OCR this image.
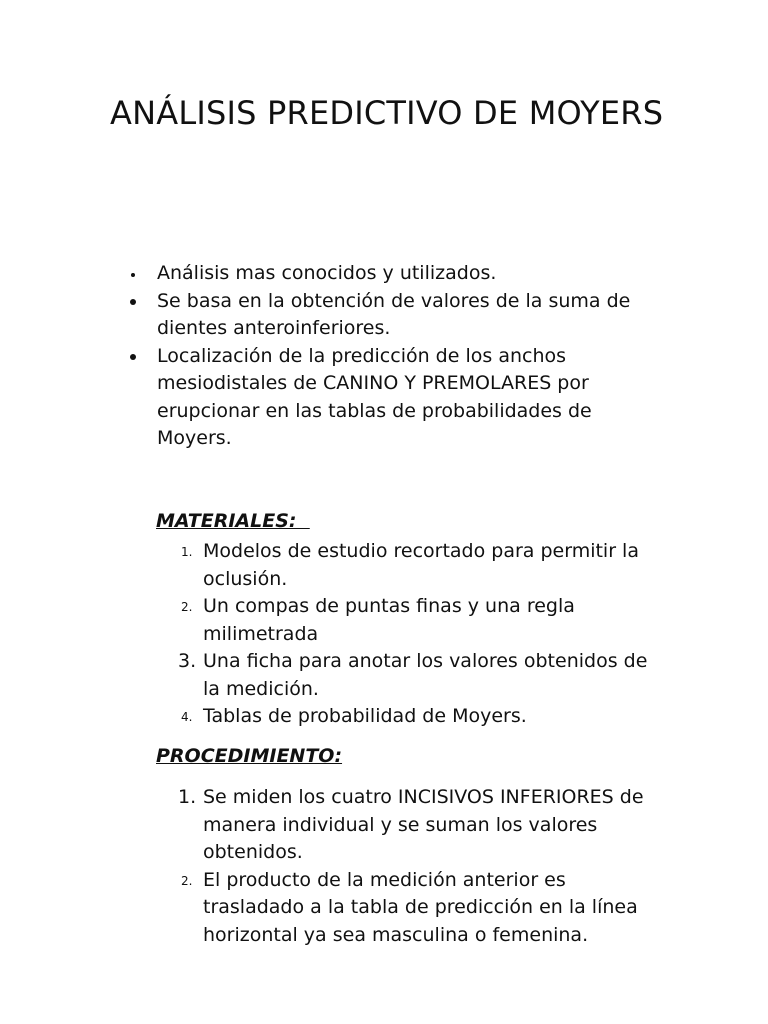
ANÁLISIS PREDICTIVO DE MOYERS
Análisis mas conocidos y utilizados.
Se basa en la obtención de valores de la suma de dientes anteroinferiores.
Localización de la predicción de los anchos mesiodistales de CANINO Y PREMOLARES por erupcionar en las tablas de probabilidades de Moyers.

MATERIALES:

1. Modelos de estudio recortado para permitir la oclusión.
2. Un compas de puntas finas y una regla milimetrada
3. Una ficha para anotar los valores obtenidos de la medición.
4. Tablas de probabilidad de Moyers.

PROCEDIMIENTO:

1. Se miden los cuatro INCISIVOS INFERIORES de manera individual y se suman los valores obtenidos.
2. El producto de la medición anterior es trasladado a la tabla de predicción en la línea horizontal ya sea masculina o femenina.
